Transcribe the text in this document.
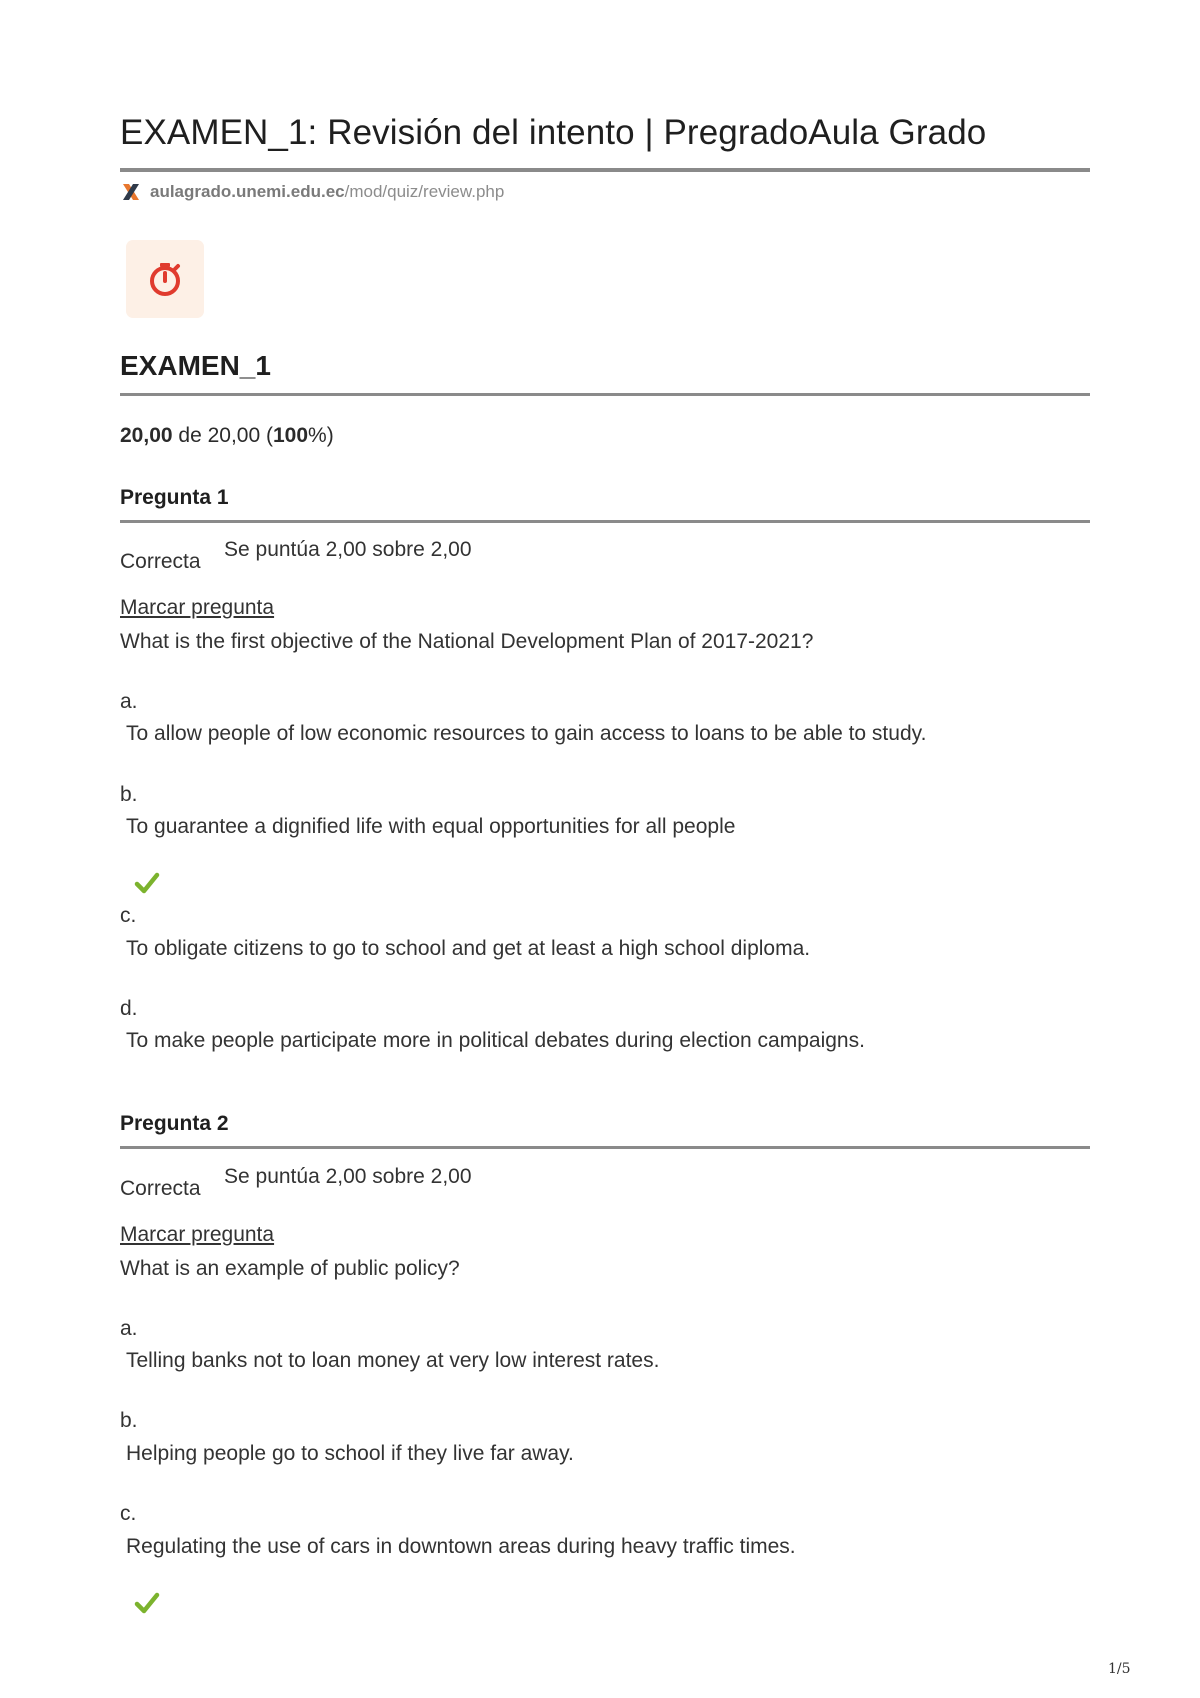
EXAMEN_1: Revisión del intento | PregradoAula Grado
aulagrado.unemi.edu.ec /mod/quiz/review.php
EXAMEN_1
20,00 de 20,00 (100%)
Pregunta 1
Correcta
Se puntúa 2,00 sobre 2,00
Marcar pregunta
What is the first objective of the National Development Plan of 2017-2021?
a.
To allow people of low economic resources to gain access to loans to be able to study.
b.
To guarantee a dignified life with equal opportunities for all people
c.
To obligate citizens to go to school and get at least a high school diploma.
d.
To make people participate more in political debates during election campaigns.
Pregunta 2
Correcta
Se puntúa 2,00 sobre 2,00
Marcar pregunta
What is an example of public policy?
a.
Telling banks not to loan money at very low interest rates.
b.
Helping people go to school if they live far away.
c.
Regulating the use of cars in downtown areas during heavy traffic times.
1/5
